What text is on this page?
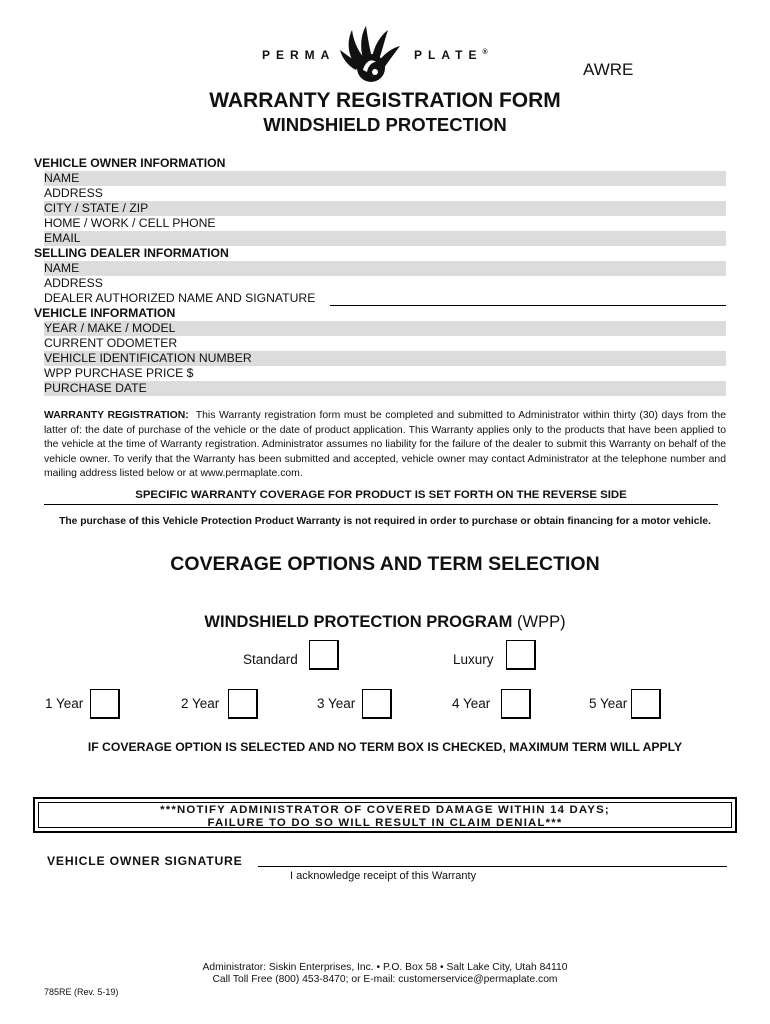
PERMA	PLATE®
AWRE
WARRANTY REGISTRATION FORM
WINDSHIELD PROTECTION
VEHICLE OWNER INFORMATION
NAME
ADDRESS
CITY / STATE / ZIP
HOME / WORK / CELL PHONE
EMAIL
SELLING DEALER INFORMATION
NAME
ADDRESS
DEALER AUTHORIZED NAME AND SIGNATURE
VEHICLE INFORMATION
YEAR / MAKE / MODEL
CURRENT ODOMETER
VEHICLE IDENTIFICATION NUMBER
WPP PURCHASE PRICE $
PURCHASE DATE
WARRANTY REGISTRATION: This Warranty registration form must be completed and submitted to Administrator within thirty (30) days from the latter of: the date of purchase of the vehicle or the date of product application. This Warranty applies only to the products that have been applied to the vehicle at the time of Warranty registration. Administrator assumes no liability for the failure of the dealer to submit this Warranty on behalf of the vehicle owner. To verify that the Warranty has been submitted and accepted, vehicle owner may contact Administrator at the telephone number and mailing address listed below or at www.permaplate.com.
SPECIFIC WARRANTY COVERAGE FOR PRODUCT IS SET FORTH ON THE REVERSE SIDE
The purchase of this Vehicle Protection Product Warranty is not required in order to purchase or obtain financing for a motor vehicle.
COVERAGE OPTIONS AND TERM SELECTION
WINDSHIELD PROTECTION PROGRAM (WPP)
Standard	Luxury
1 Year	2 Year	3 Year	4 Year	5 Year
IF COVERAGE OPTION IS SELECTED AND NO TERM BOX IS CHECKED, MAXIMUM TERM WILL APPLY
***NOTIFY ADMINISTRATOR OF COVERED DAMAGE WITHIN 14 DAYS;
FAILURE TO DO SO WILL RESULT IN CLAIM DENIAL***
VEHICLE OWNER SIGNATURE
I acknowledge receipt of this Warranty
Administrator: Siskin Enterprises, Inc. • P.O. Box 58 • Salt Lake City, Utah 84110
Call Toll Free (800) 453-8470; or E-mail: customerservice@permaplate.com
785RE (Rev. 5-19)
